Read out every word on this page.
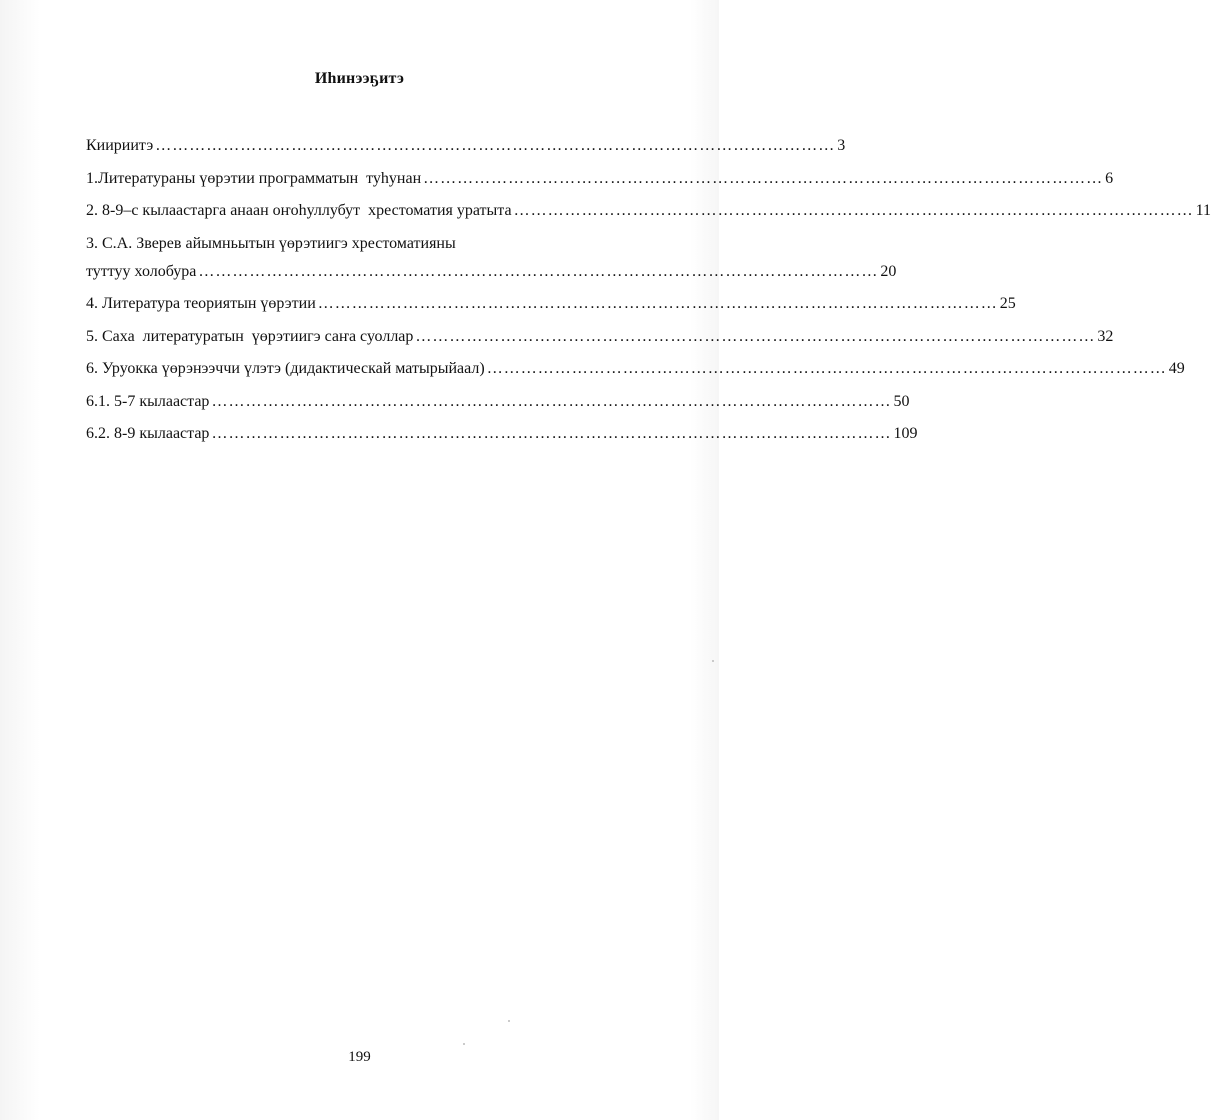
Иһинээҕитэ
Киириитэ ………………………………………………………………………………………………………… 3
1.Литератураны үөрэтии программатын  туһунан ………………………………………………………………………………………………………… 6
2. 8-9–с кылаастарга анаан оҥоһуллубут  хрестоматия уратыта ………………………………………………………………………………………………………… 11
3. С.А. Зверев айымньытын үөрэтиигэ хрестоматияны
туттуу холобура ………………………………………………………………………………………………………… 20
4. Литература теориятын үөрэтии ………………………………………………………………………………………………………… 25
5. Саха  литературатын  үөрэтиигэ саҥа суоллар ………………………………………………………………………………………………………… 32
6. Уруокка үөрэнээччи үлэтэ (дидактическай матырыйаал) ………………………………………………………………………………………………………… 49
6.1. 5-7 кылаастар ………………………………………………………………………………………………………… 50
6.2. 8-9 кылаастар ………………………………………………………………………………………………………… 109
199
